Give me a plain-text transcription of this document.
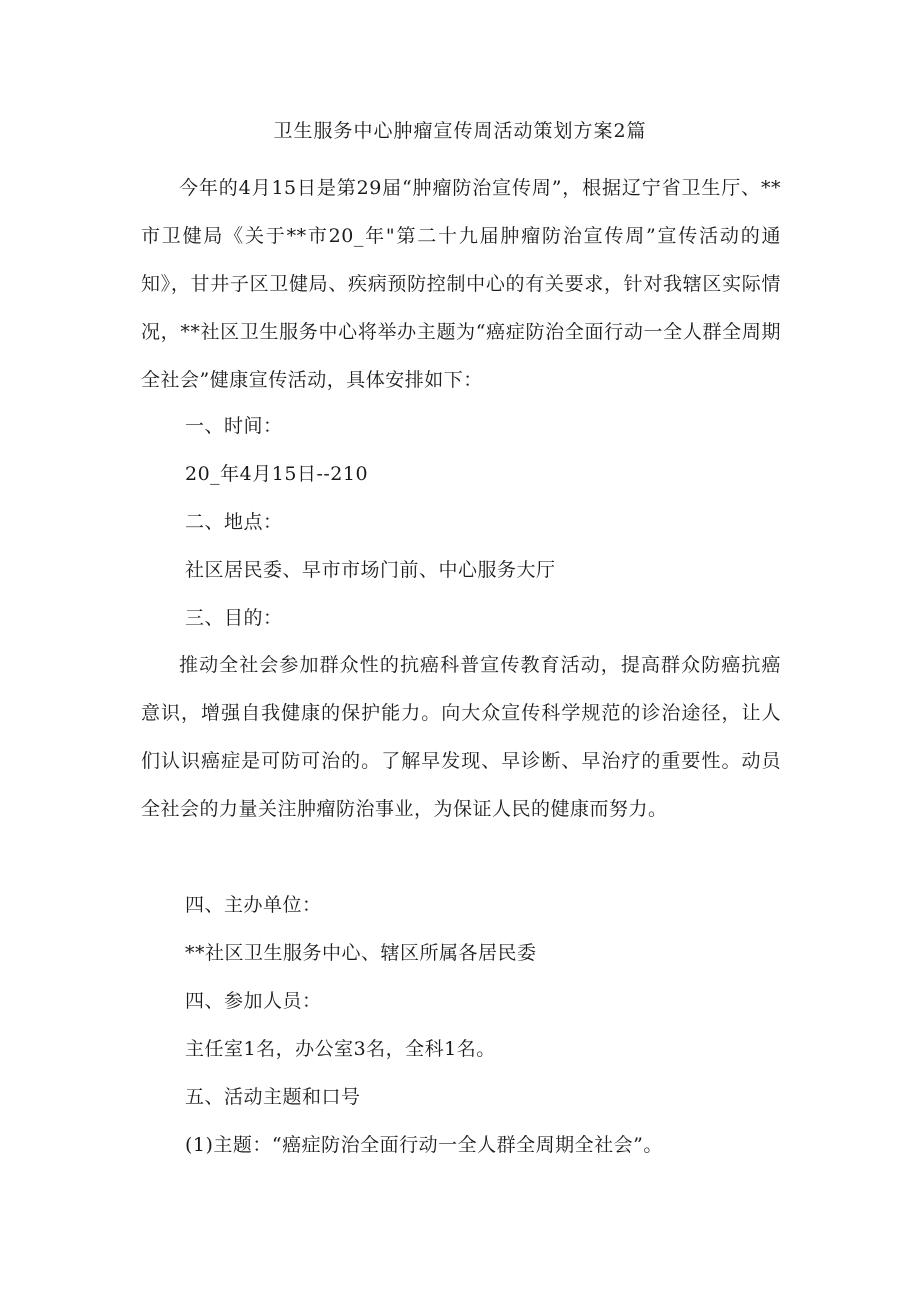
卫生服务中心肿瘤宣传周活动策划方案2篇

今年的4月15日是第29届“肿瘤防治宣传周”，根据辽宁省卫生厅、**市卫健局《关于**市20_年"第二十九届肿瘤防治宣传周”宣传活动的通知》，甘井子区卫健局、疾病预防控制中心的有关要求，针对我辖区实际情况，**社区卫生服务中心将举办主题为“癌症防治全面行动一全人群全周期全社会”健康宣传活动，具体安排如下：

一、时间：

20_年4月15日--210

二、地点：

社区居民委、早市市场门前、中心服务大厅

三、目的：

推动全社会参加群众性的抗癌科普宣传教育活动，提高群众防癌抗癌意识，增强自我健康的保护能力。向大众宣传科学规范的诊治途径，让人们认识癌症是可防可治的。了解早发现、早诊断、早治疗的重要性。动员全社会的力量关注肿瘤防治事业，为保证人民的健康而努力。

四、主办单位：

**社区卫生服务中心、辖区所属各居民委

四、参加人员：

主任室1名，办公室3名，全科1名。

五、活动主题和口号

(1)主题：“癌症防治全面行动一全人群全周期全社会”。
